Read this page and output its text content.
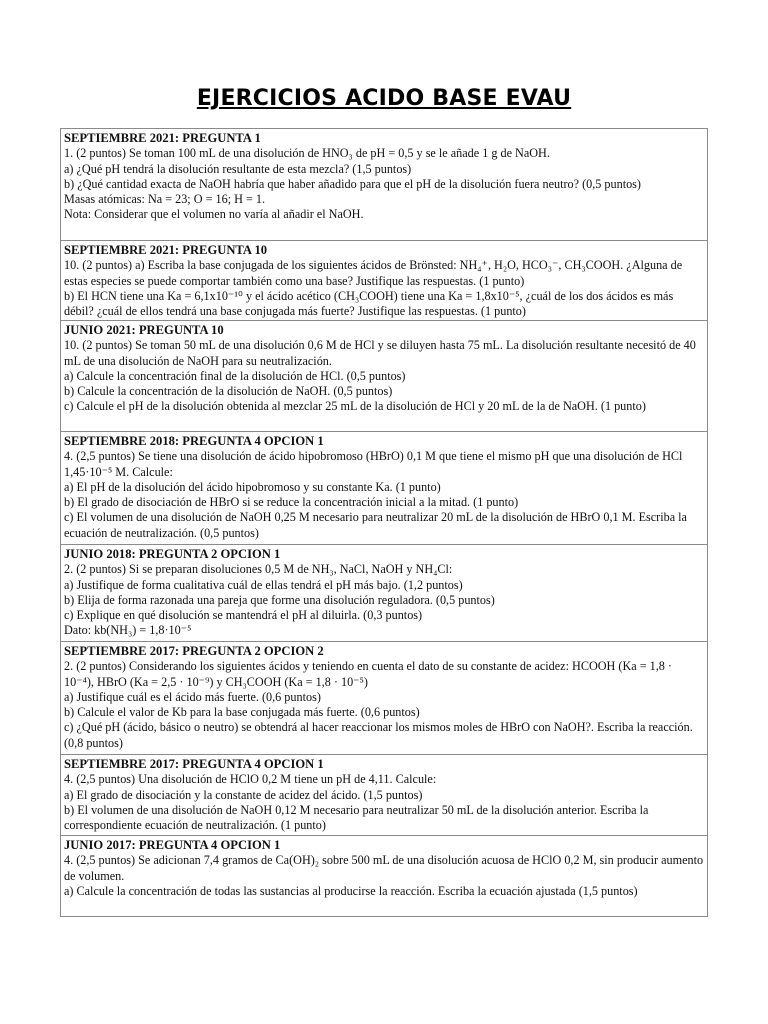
EJERCICIOS ACIDO BASE EVAU
SEPTIEMBRE 2021: PREGUNTA 1
1. (2 puntos) Se toman 100 mL de una disolución de HNO₃ de pH = 0,5 y se le añade 1 g de NaOH.
a) ¿Qué pH tendrá la disolución resultante de esta mezcla? (1,5 puntos)
b) ¿Qué cantidad exacta de NaOH habría que haber añadido para que el pH de la disolución fuera neutro? (0,5 puntos)
Masas atómicas: Na = 23; O = 16; H = 1.
Nota: Considerar que el volumen no varía al añadir el NaOH.
SEPTIEMBRE 2021: PREGUNTA 10
10. (2 puntos) a) Escriba la base conjugada de los siguientes ácidos de Brönsted: NH₄⁺, H₂O, HCO₃⁻, CH₃COOH. ¿Alguna de estas especies se puede comportar también como una base? Justifique las respuestas. (1 punto)
b) El HCN tiene una Ka = 6,1x10⁻¹⁰ y el ácido acético (CH₃COOH) tiene una Ka = 1,8x10⁻⁵, ¿cuál de los dos ácidos es más débil? ¿cuál de ellos tendrá una base conjugada más fuerte? Justifique las respuestas. (1 punto)
JUNIO 2021: PREGUNTA 10
10. (2 puntos) Se toman 50 mL de una disolución 0,6 M de HCl y se diluyen hasta 75 mL. La disolución resultante necesitó de 40 mL de una disolución de NaOH para su neutralización.
a) Calcule la concentración final de la disolución de HCl. (0,5 puntos)
b) Calcule la concentración de la disolución de NaOH. (0,5 puntos)
c) Calcule el pH de la disolución obtenida al mezclar 25 mL de la disolución de HCl y 20 mL de la de NaOH. (1 punto)
SEPTIEMBRE 2018: PREGUNTA 4 OPCION 1
4. (2,5 puntos) Se tiene una disolución de ácido hipobromoso (HBrO) 0,1 M que tiene el mismo pH que una disolución de HCl 1,45·10⁻⁵ M. Calcule:
a) El pH de la disolución del ácido hipobromoso y su constante Ka. (1 punto)
b) El grado de disociación de HBrO si se reduce la concentración inicial a la mitad. (1 punto)
c) El volumen de una disolución de NaOH 0,25 M necesario para neutralizar 20 mL de la disolución de HBrO 0,1 M. Escriba la ecuación de neutralización. (0,5 puntos)
JUNIO 2018: PREGUNTA 2 OPCION 1
2. (2 puntos) Si se preparan disoluciones 0,5 M de NH₃, NaCl, NaOH y NH₄Cl:
a) Justifique de forma cualitativa cuál de ellas tendrá el pH más bajo. (1,2 puntos)
b) Elija de forma razonada una pareja que forme una disolución reguladora. (0,5 puntos)
c) Explique en qué disolución se mantendrá el pH al diluirla. (0,3 puntos)
Dato: kb(NH₃) = 1,8·10⁻⁵
SEPTIEMBRE 2017: PREGUNTA 2 OPCION 2
2. (2 puntos) Considerando los siguientes ácidos y teniendo en cuenta el dato de su constante de acidez: HCOOH (Ka = 1,8 · 10⁻⁴), HBrO (Ka = 2,5 · 10⁻⁹) y CH₃COOH (Ka = 1,8 · 10⁻⁵)
a) Justifique cuál es el ácido más fuerte. (0,6 puntos)
b) Calcule el valor de Kb para la base conjugada más fuerte. (0,6 puntos)
c) ¿Qué pH (ácido, básico o neutro) se obtendrá al hacer reaccionar los mismos moles de HBrO con NaOH?. Escriba la reacción. (0,8 puntos)
SEPTIEMBRE 2017: PREGUNTA 4 OPCION 1
4. (2,5 puntos) Una disolución de HClO 0,2 M tiene un pH de 4,11. Calcule:
a) El grado de disociación y la constante de acidez del ácido. (1,5 puntos)
b) El volumen de una disolución de NaOH 0,12 M necesario para neutralizar 50 mL de la disolución anterior. Escriba la correspondiente ecuación de neutralización. (1 punto)
JUNIO 2017: PREGUNTA 4 OPCION 1
4. (2,5 puntos) Se adicionan 7,4 gramos de Ca(OH)₂ sobre 500 mL de una disolución acuosa de HClO 0,2 M, sin producir aumento de volumen.
a) Calcule la concentración de todas las sustancias al producirse la reacción. Escriba la ecuación ajustada (1,5 puntos)
